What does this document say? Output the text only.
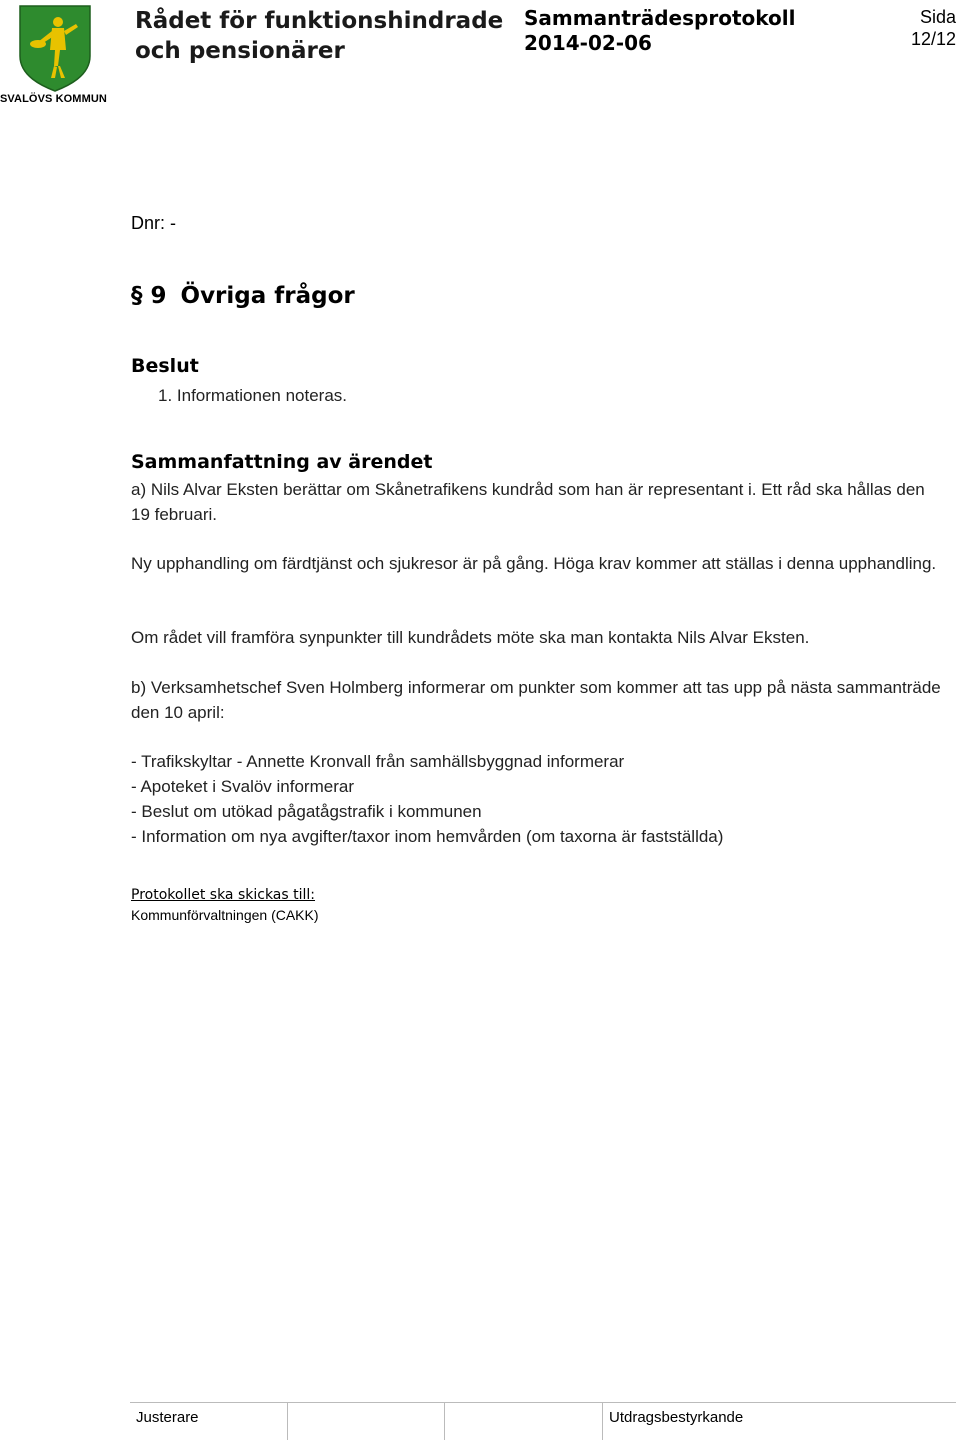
SVALÖVS KOMMUN
Rådet för funktionshindrade
och pensionärer
Sammanträdesprotokoll
2014-02-06
Sida
12/12
Dnr: -
§ 9 Övriga frågor
Beslut
1. Informationen noteras.
Sammanfattning av ärendet
a) Nils Alvar Eksten berättar om Skånetrafikens kundråd som han är representant i. Ett råd ska hållas den 19 februari.
Ny upphandling om färdtjänst och sjukresor är på gång. Höga krav kommer att ställas i denna upphandling.
Om rådet vill framföra synpunkter till kundrådets möte ska man kontakta Nils Alvar Eksten.
b) Verksamhetschef Sven Holmberg informerar om punkter som kommer att tas upp på nästa sammanträde den 10 april:
- Trafikskyltar - Annette Kronvall från samhällsbyggnad informerar
- Apoteket i Svalöv informerar
- Beslut om utökad pågatågstrafik i kommunen
- Information om nya avgifter/taxor inom hemvården (om taxorna är fastställda)
Protokollet ska skickas till:
Kommunförvaltningen (CAKK)
Justerare	Utdragsbestyrkande
